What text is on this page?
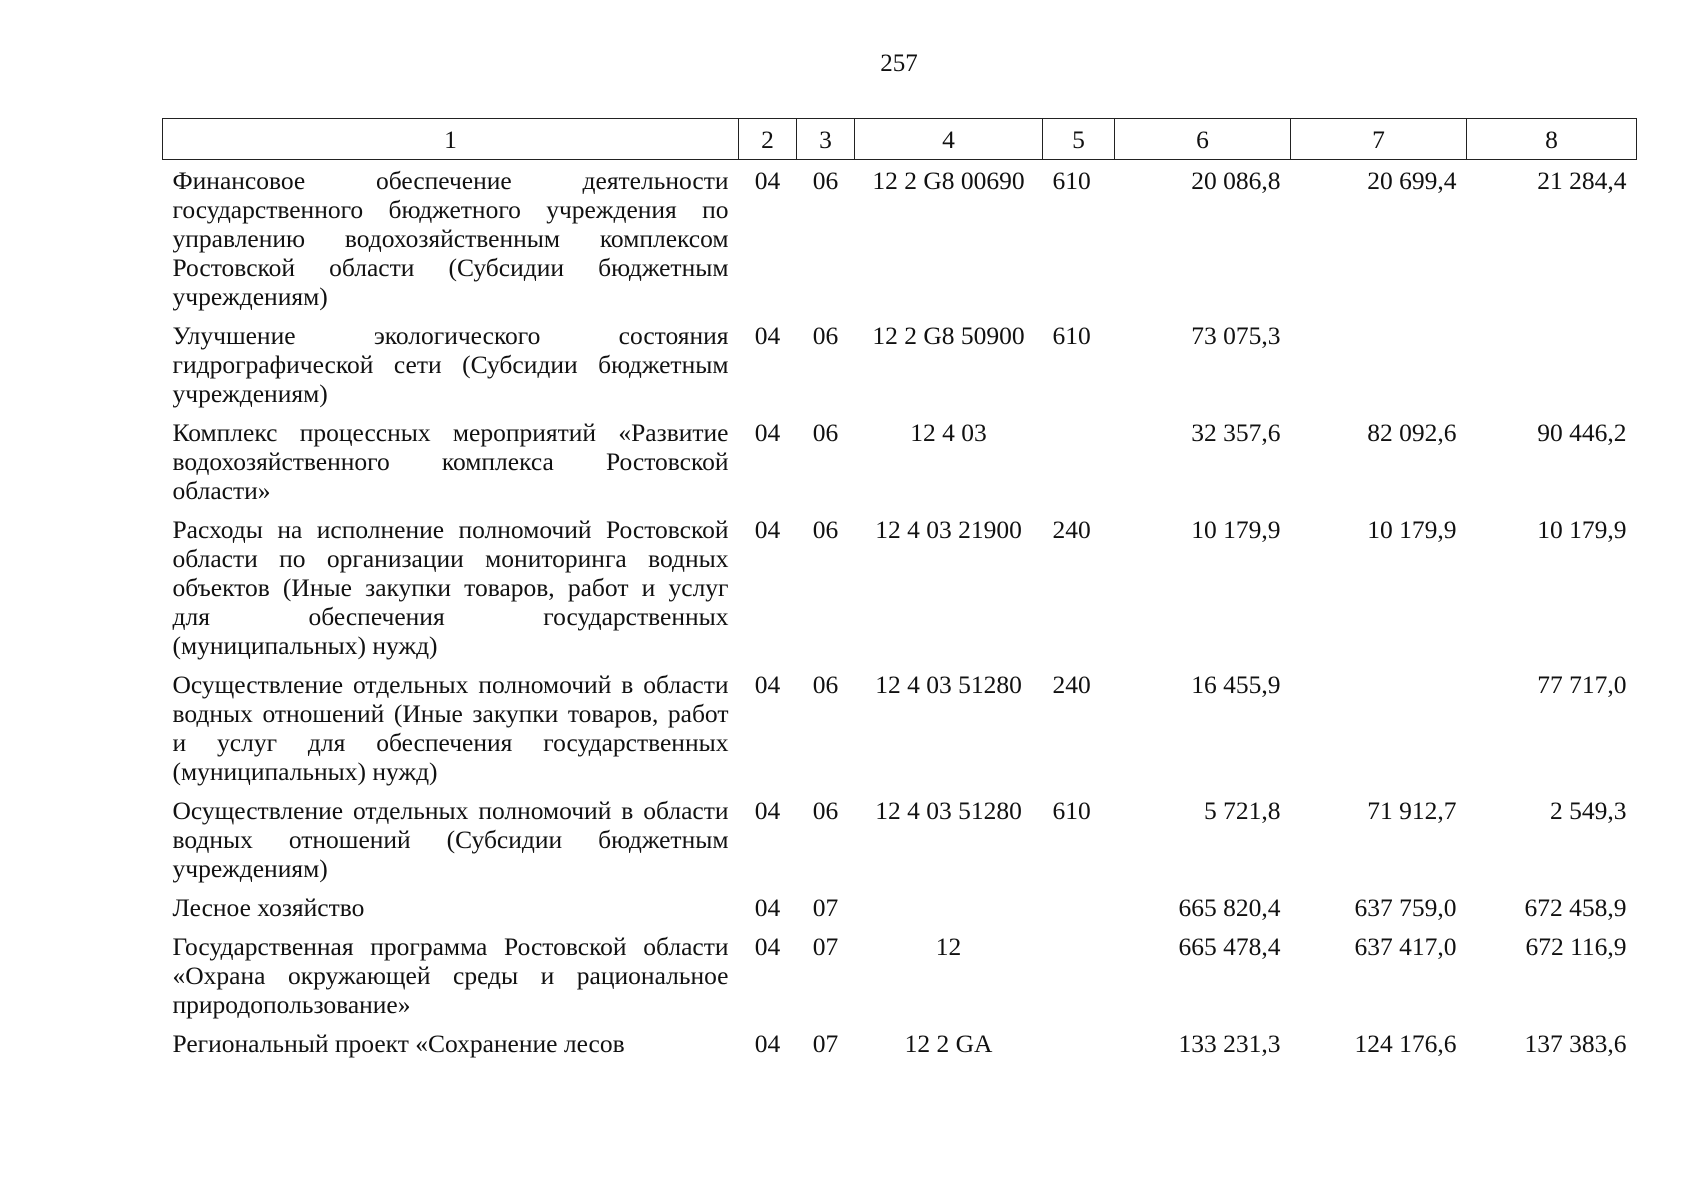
257
1	2	3	4	5	6	7	8
Финансовое обеспечение деятельности государственного бюджетного учреждения по управлению водохозяйственным комплексом Ростовской области (Субсидии бюджетным учреждениям)	04	06	12 2 G8 00690	610	20 086,8	20 699,4	21 284,4
Улучшение экологического состояния гидрографической сети (Субсидии бюджетным учреждениям)	04	06	12 2 G8 50900	610	73 075,3		
Комплекс процессных мероприятий «Развитие водохозяйственного комплекса Ростовской области»	04	06	12 4 03		32 357,6	82 092,6	90 446,2
Расходы на исполнение полномочий Ростовской области по организации мониторинга водных объектов (Иные закупки товаров, работ и услуг для обеспечения государственных (муниципальных) нужд)	04	06	12 4 03 21900	240	10 179,9	10 179,9	10 179,9
Осуществление отдельных полномочий в области водных отношений (Иные закупки товаров, работ и услуг для обеспечения государственных (муниципальных) нужд)	04	06	12 4 03 51280	240	16 455,9		77 717,0
Осуществление отдельных полномочий в области водных отношений (Субсидии бюджетным учреждениям)	04	06	12 4 03 51280	610	5 721,8	71 912,7	2 549,3
Лесное хозяйство	04	07			665 820,4	637 759,0	672 458,9
Государственная программа Ростовской области «Охрана окружающей среды и рациональное природопользование»	04	07	12		665 478,4	637 417,0	672 116,9
Региональный проект «Сохранение лесов	04	07	12 2 GA		133 231,3	124 176,6	137 383,6
